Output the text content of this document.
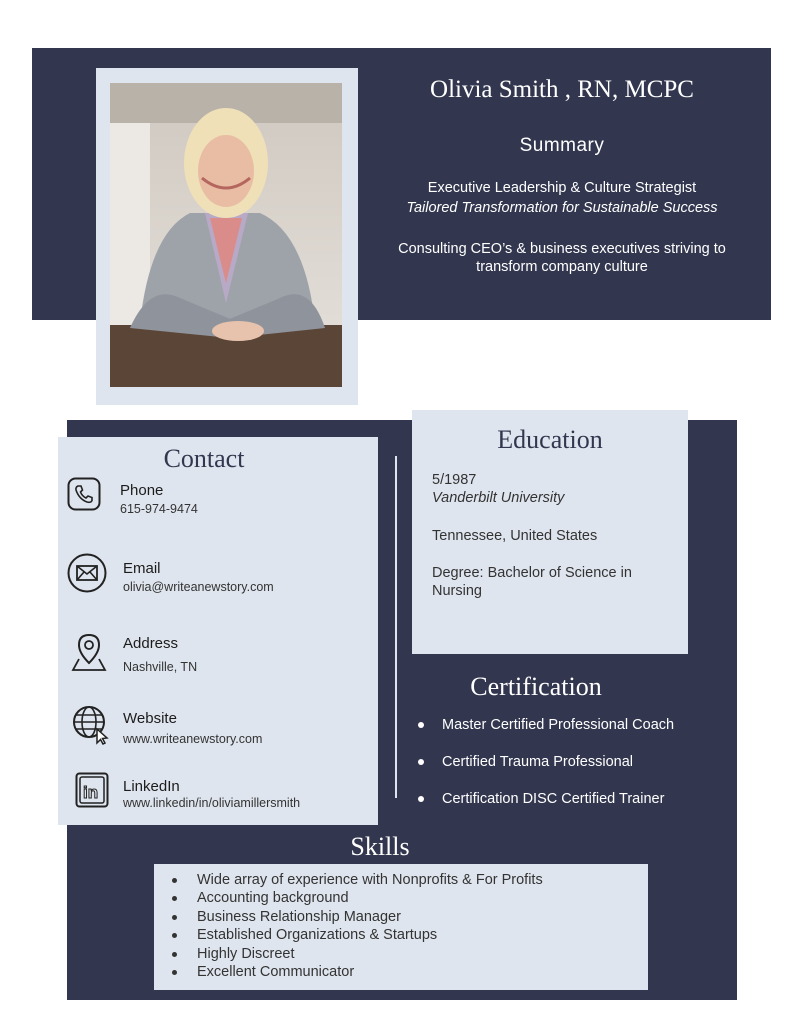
Olivia Smith , RN, MCPC
Summary
Executive Leadership & Culture Strategist
Tailored Transformation for Sustainable Success
Consulting CEO’s & business executives striving to transform company culture
Contact
Phone
615-974-9474
Email
olivia@writeanewstory.com
Address
Nashville, TN
Website
www.writeanewstory.com
in LinkedIn
www.linkedin/in/oliviamillersmith
Education
5/1987
Vanderbilt University
Tennessee, United States
Degree: Bachelor of Science in Nursing
Certification
Master Certified Professional Coach
Certified Trauma Professional
Certification DISC Certified Trainer
Skills
Wide array of experience with Nonprofits & For Profits
Accounting background
Business Relationship Manager
Established Organizations & Startups
Highly Discreet
Excellent Communicator
